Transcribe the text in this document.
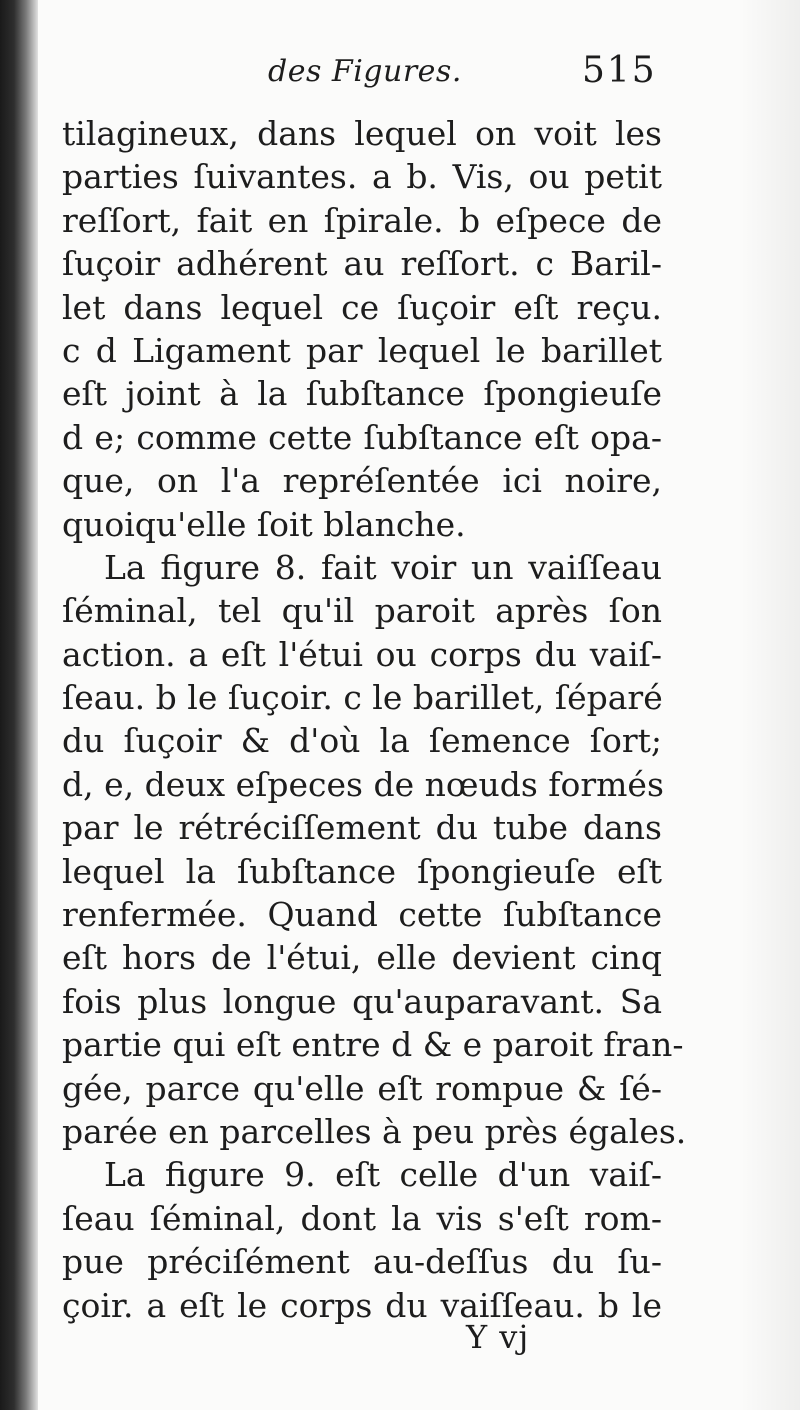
des Figures.	515
tilagineux, dans lequel on voit les
parties ſuivantes. a b. Vis, ou petit
reſſort, fait en ſpirale. b eſpece de
ſuçoir adhérent au reſſort. c Baril-
let dans lequel ce ſuçoir eſt reçu.
c d Ligament par lequel le barillet
eſt joint à la ſubſtance ſpongieuſe
d e; comme cette ſubſtance eſt opa-
que, on l'a repréſentée ici noire,
quoiqu'elle ſoit blanche.
La figure 8. fait voir un vaiſſeau
ſéminal, tel qu'il paroit après ſon
action. a eſt l'étui ou corps du vaiſ-
ſeau. b le ſuçoir. c le barillet, ſéparé
du ſuçoir & d'où la ſemence ſort;
d, e, deux eſpeces de nœuds formés
par le rétréciſſement du tube dans
lequel la ſubſtance ſpongieuſe eſt
renfermée. Quand cette ſubſtance
eſt hors de l'étui, elle devient cinq
fois plus longue qu'auparavant. Sa
partie qui eſt entre d & e paroit fran-
gée, parce qu'elle eſt rompue & ſé-
parée en parcelles à peu près égales.
La figure 9. eſt celle d'un vaiſ-
ſeau ſéminal, dont la vis s'eſt rom-
pue préciſément au-deſſus du ſu-
çoir. a eſt le corps du vaiſſeau. b le
Y vj
